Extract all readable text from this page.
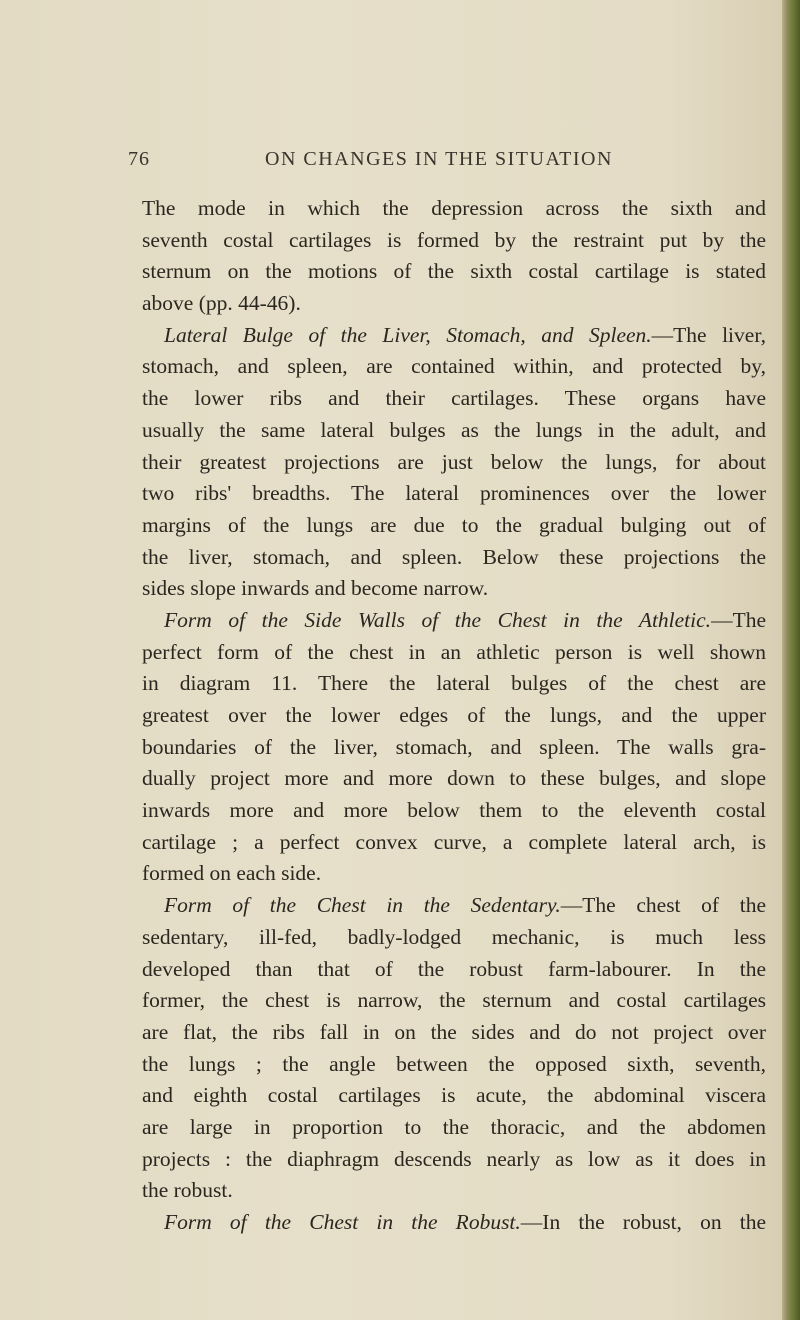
76	ON CHANGES IN THE SITUATION
The mode in which the depression across the sixth and
seventh costal cartilages is formed by the restraint put by the
sternum on the motions of the sixth costal cartilage is stated
above (pp. 44-46).
Lateral Bulge of the Liver, Stomach, and Spleen.—The liver,
stomach, and spleen, are contained within, and protected by,
the lower ribs and their cartilages. These organs have
usually the same lateral bulges as the lungs in the adult, and
their greatest projections are just below the lungs, for about
two ribs' breadths. The lateral prominences over the lower
margins of the lungs are due to the gradual bulging out of
the liver, stomach, and spleen. Below these projections the
sides slope inwards and become narrow.
Form of the Side Walls of the Chest in the Athletic.—The
perfect form of the chest in an athletic person is well shown
in diagram 11. There the lateral bulges of the chest are
greatest over the lower edges of the lungs, and the upper
boundaries of the liver, stomach, and spleen. The walls gra-
dually project more and more down to these bulges, and slope
inwards more and more below them to the eleventh costal
cartilage ; a perfect convex curve, a complete lateral arch, is
formed on each side.
Form of the Chest in the Sedentary.—The chest of the
sedentary, ill-fed, badly-lodged mechanic, is much less
developed than that of the robust farm-labourer. In the
former, the chest is narrow, the sternum and costal cartilages
are flat, the ribs fall in on the sides and do not project over
the lungs ; the angle between the opposed sixth, seventh,
and eighth costal cartilages is acute, the abdominal viscera
are large in proportion to the thoracic, and the abdomen
projects : the diaphragm descends nearly as low as it does in
the robust.
Form of the Chest in the Robust.—In the robust, on the
